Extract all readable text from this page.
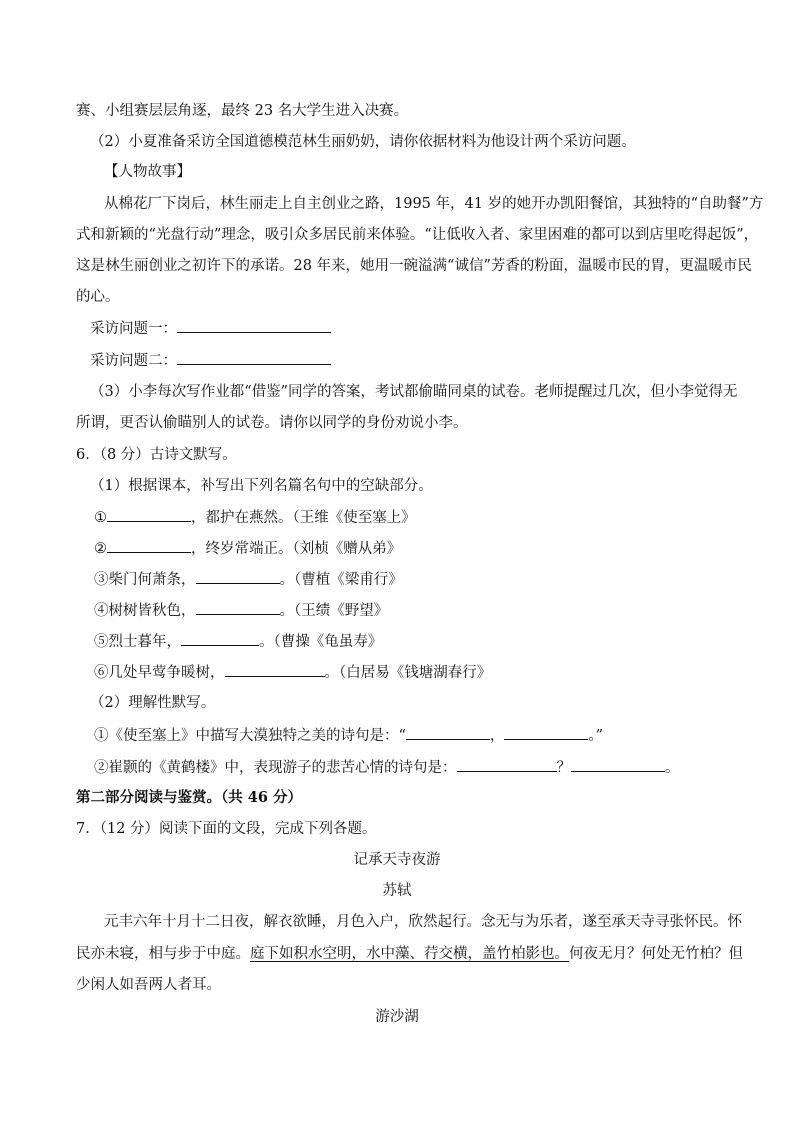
赛、小组赛层层角逐，最终 23 名大学生进入决赛。
（2）小夏准备采访全国道德模范林生丽奶奶，请你依据材料为他设计两个采访问题。
【人物故事】
从棉花厂下岗后，林生丽走上自主创业之路，1995 年，41 岁的她开办凯阳餐馆，其独特的“自助餐”方
式和新颖的“光盘行动”理念，吸引众多居民前来体验。“让低收入者、家里困难的都可以到店里吃得起饭”，
这是林生丽创业之初许下的承诺。28 年来，她用一碗溢满“诚信”芳香的粉面，温暖市民的胃，更温暖市民
的心。
采访问题一：
采访问题二：
（3）小李每次写作业都“借鉴”同学的答案，考试都偷瞄同桌的试卷。老师提醒过几次，但小李觉得无
所谓，更否认偷瞄别人的试卷。请你以同学的身份劝说小李。
6．（8 分）古诗文默写。
（1）根据课本，补写出下列名篇名句中的空缺部分。
①	，都护在燕然。（王维《使至塞上》
②	，终岁常端正。（刘桢《赠从弟》
③柴门何萧条，	。（曹植《梁甫行》
④树树皆秋色，	。（王绩《野望》
⑤烈士暮年，	。（曹操《龟虽寿》
⑥几处早莺争暖树，	。（白居易《钱塘湖春行》
（2）理解性默写。
①《使至塞上》中描写大漠独特之美的诗句是：“	，	。”
②崔颢的《黄鹤楼》中，表现游子的悲苦心情的诗句是：	？	。
第二部分阅读与鉴赏。（共 46 分）
7．（12 分）阅读下面的文段，完成下列各题。
记承天寺夜游
苏轼
元丰六年十月十二日夜，解衣欲睡，月色入户，欣然起行。念无与为乐者，遂至承天寺寻张怀民。怀
民亦未寝，相与步于中庭。庭下如积水空明，水中藻、荇交横，盖竹柏影也。何夜无月？何处无竹柏？但
少闲人如吾两人者耳。
游沙湖
